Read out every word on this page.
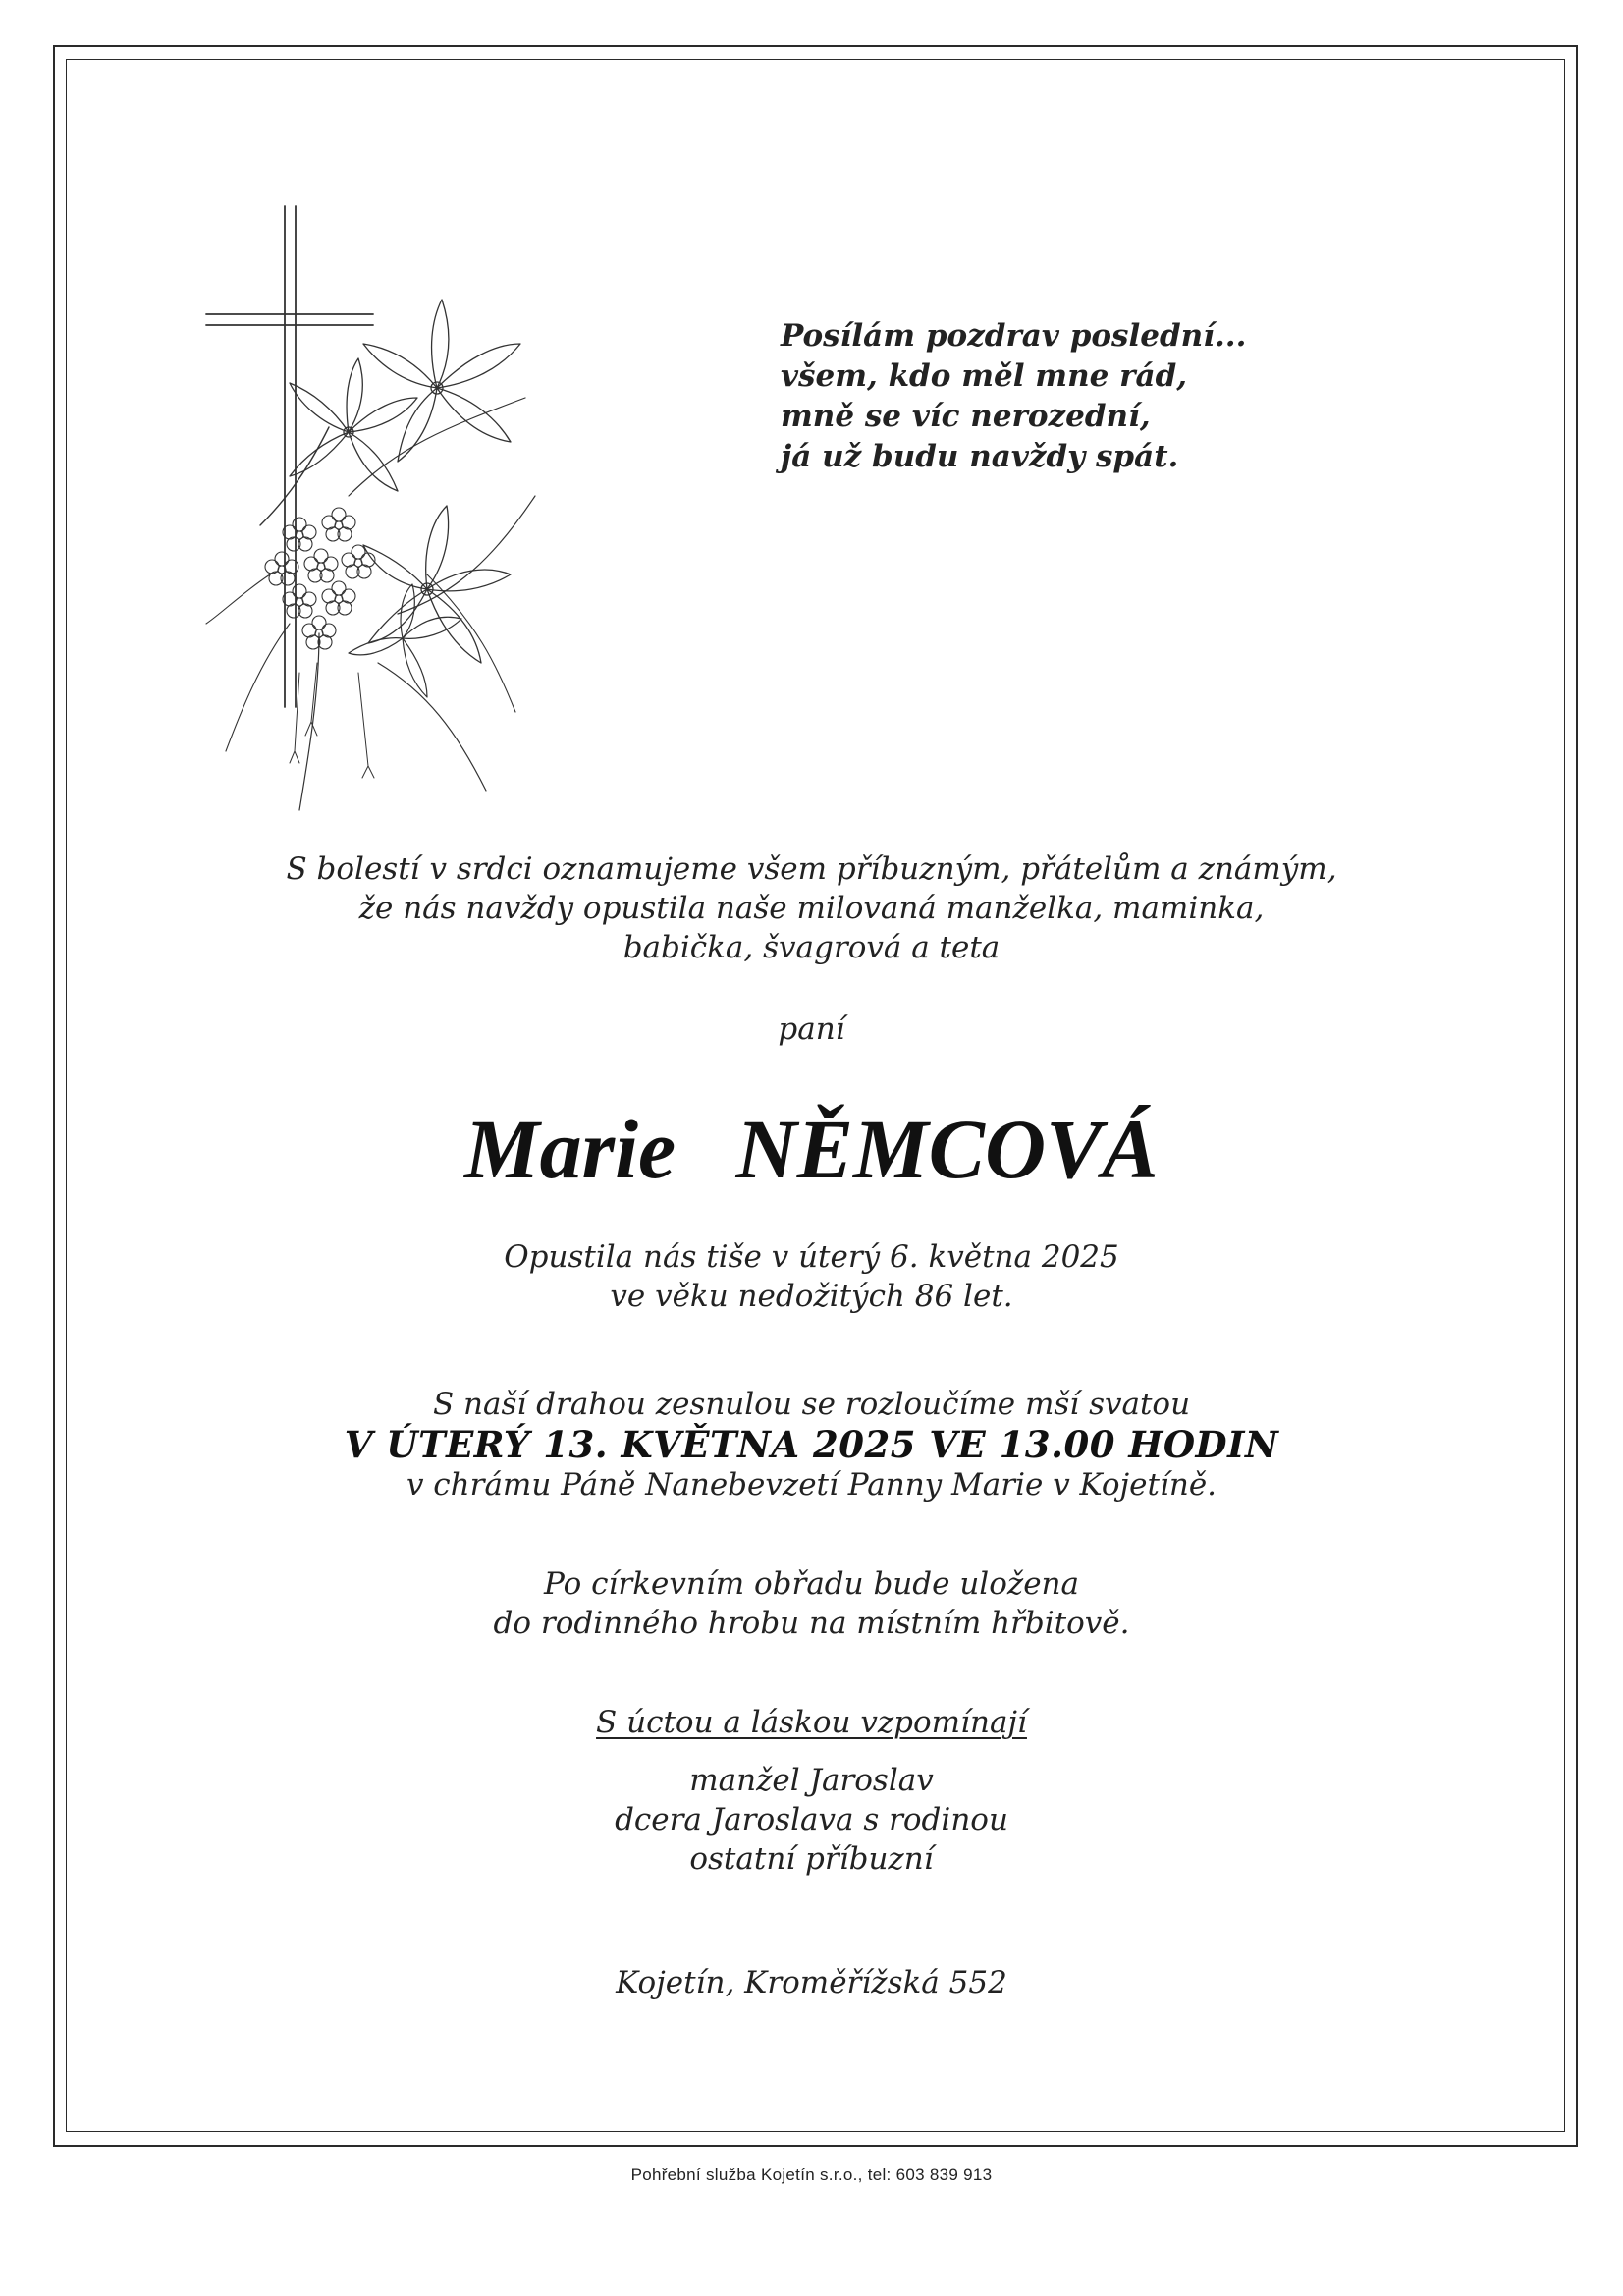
Posílám pozdrav poslední...
všem, kdo měl mne rád,
mně se víc nerozední,
já už budu navždy spát.
S bolestí v srdci oznamujeme všem příbuzným, přátelům a známým,
že nás navždy opustila naše milovaná manželka, maminka,
babička, švagrová a teta
paní
Marie NĚMCOVÁ
Opustila nás tiše v úterý 6. května 2025
ve věku nedožitých 86 let.
S naší drahou zesnulou se rozloučíme mší svatou
V ÚTERÝ 13. KVĚTNA 2025 VE 13.00 HODIN
v chrámu Páně Nanebevzetí Panny Marie v Kojetíně.
Po církevním obřadu bude uložena
do rodinného hrobu na místním hřbitově.
S úctou a láskou vzpomínají
manžel Jaroslav
dcera Jaroslava s rodinou
ostatní příbuzní
Kojetín, Kroměřížská 552
Pohřební služba Kojetín s.r.o., tel: 603 839 913
